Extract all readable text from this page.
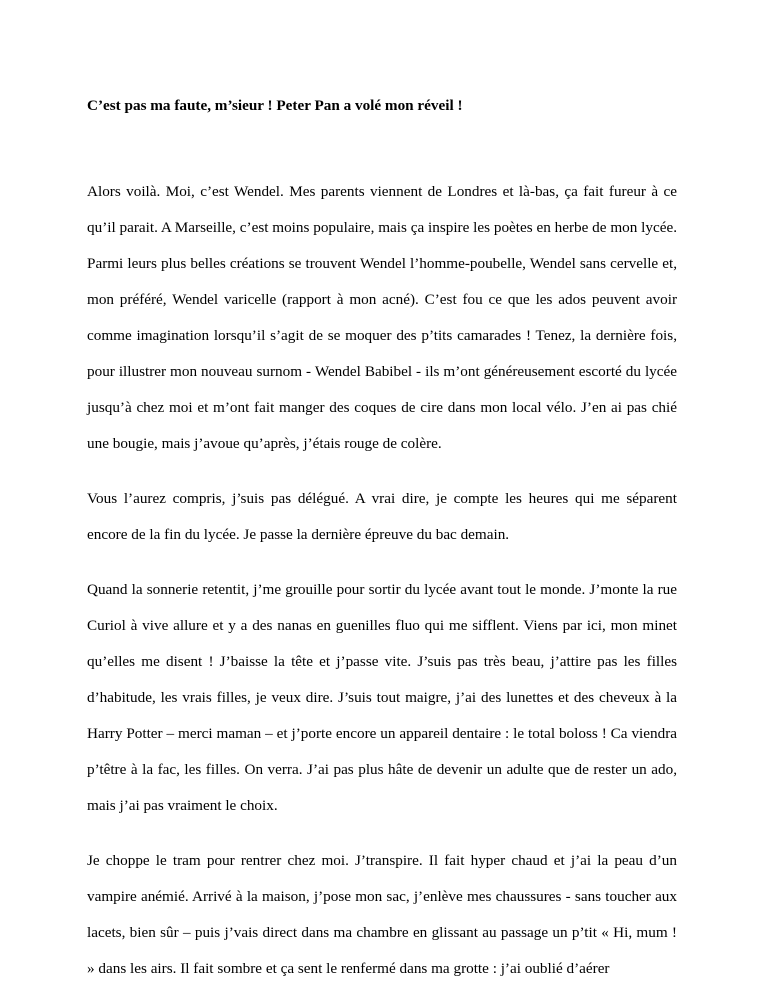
C’est pas ma faute, m’sieur ! Peter Pan a volé mon réveil !

Alors voilà. Moi, c’est Wendel. Mes parents viennent de Londres et là-bas, ça fait fureur à ce qu’il parait. A Marseille, c’est moins populaire, mais ça inspire les poètes en herbe de mon lycée. Parmi leurs plus belles créations se trouvent Wendel l’homme-poubelle, Wendel sans cervelle et, mon préféré, Wendel varicelle (rapport à mon acné). C’est fou ce que les ados peuvent avoir comme imagination lorsqu’il s’agit de se moquer des p’tits camarades ! Tenez, la dernière fois, pour illustrer mon nouveau surnom - Wendel Babibel - ils m’ont généreusement escorté du lycée jusqu’à chez moi et m’ont fait manger des coques de cire dans mon local vélo. J’en ai pas chié une bougie, mais j’avoue qu’après, j’étais rouge de colère.

Vous l’aurez compris, j’suis pas délégué. A vrai dire, je compte les heures qui me séparent encore de la fin du lycée. Je passe la dernière épreuve du bac demain.

Quand la sonnerie retentit, j’me grouille pour sortir du lycée avant tout le monde. J’monte la rue Curiol à vive allure et y a des nanas en guenilles fluo qui me sifflent. Viens par ici, mon minet qu’elles me disent ! J’baisse la tête et j’passe vite. J’suis pas très beau, j’attire pas les filles d’habitude, les vrais filles, je veux dire. J’suis tout maigre, j’ai des lunettes et des cheveux à la Harry Potter – merci maman – et j’porte encore un appareil dentaire : le total boloss ! Ca viendra p’têtre à la fac, les filles. On verra. J’ai pas plus hâte de devenir un adulte que de rester un ado, mais j’ai pas vraiment le choix.

Je choppe le tram pour rentrer chez moi. J’transpire. Il fait hyper chaud et j’ai la peau d’un vampire anémié. Arrivé à la maison, j’pose mon sac, j’enlève mes chaussures - sans toucher aux lacets, bien sûr – puis j’vais direct dans ma chambre en glissant au passage un p’tit « Hi, mum ! » dans les airs. Il fait sombre et ça sent le renfermé dans ma grotte : j’ai oublié d’aérer
